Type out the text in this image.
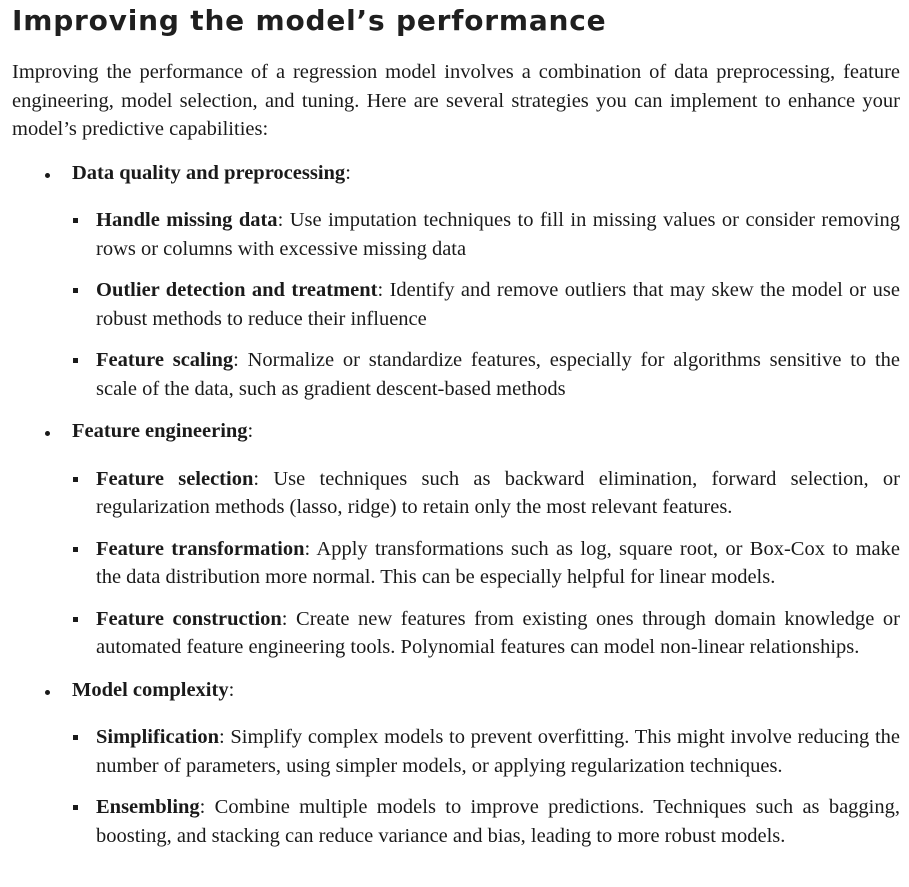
Improving the model’s performance

Improving the performance of a regression model involves a combination of data preprocessing, feature engineering, model selection, and tuning. Here are several strategies you can implement to enhance your model’s predictive capabilities:

Data quality and preprocessing:

Handle missing data: Use imputation techniques to fill in missing values or consider removing rows or columns with excessive missing data

Outlier detection and treatment: Identify and remove outliers that may skew the model or use robust methods to reduce their influence

Feature scaling: Normalize or standardize features, especially for algorithms sensitive to the scale of the data, such as gradient descent-based methods

Feature engineering:

Feature selection: Use techniques such as backward elimination, forward selection, or regularization methods (lasso, ridge) to retain only the most relevant features.

Feature transformation: Apply transformations such as log, square root, or Box-Cox to make the data distribution more normal. This can be especially helpful for linear models.

Feature construction: Create new features from existing ones through domain knowledge or automated feature engineering tools. Polynomial features can model non-linear relationships.

Model complexity:

Simplification: Simplify complex models to prevent overfitting. This might involve reducing the number of parameters, using simpler models, or applying regularization techniques.

Ensembling: Combine multiple models to improve predictions. Techniques such as bagging, boosting, and stacking can reduce variance and bias, leading to more robust models.
